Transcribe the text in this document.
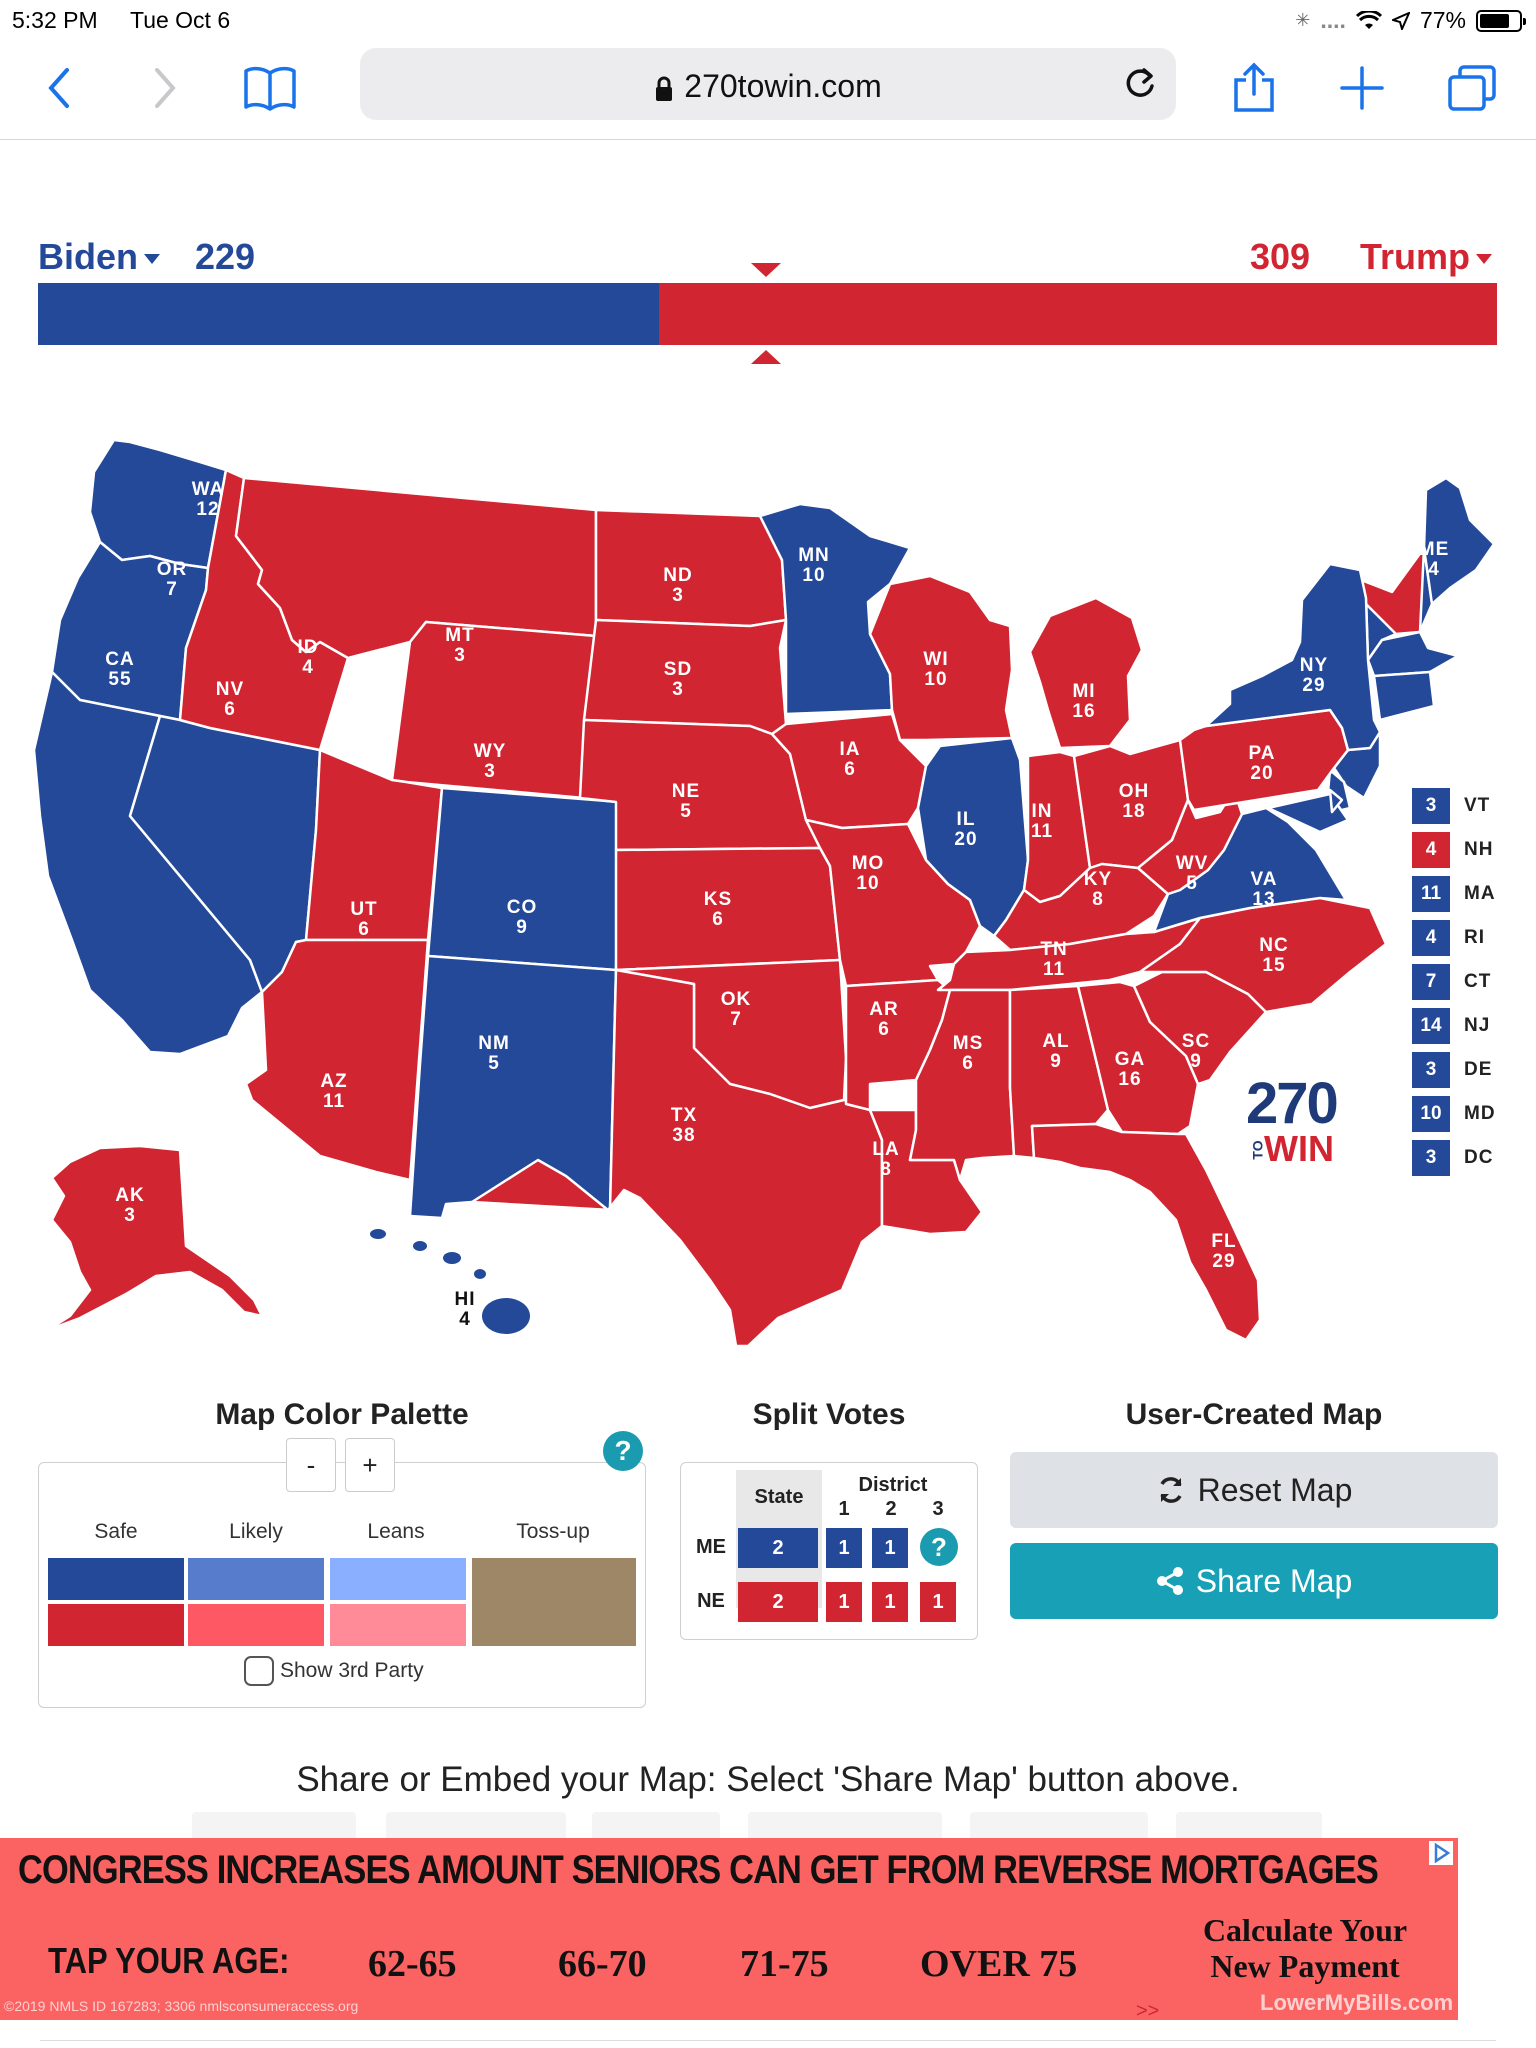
5:32 PM Tue Oct 6	✳ ....	77%
270towin.com
Biden	229	309 Trump
WA
12
OR
7
CA
55	NV
6
ID
4
MT
3
WY
3
UT
6
AZ
11
CO
9
NM
5
ND
3
SD
3
NE
5
KS
6
OK
7
TX
38
MN
10
IA
6
MO
10
AR
6
LA
8
WI
10
IL
20
MI
16
IN
11
OH
18
KY
8
TN
11
MS
6
AL
9	GA
16
FL
29
SC
9
NC
15
VA
13
WV
5
PA
20
NY
29
ME
4
AK
3
HI
4
3	VT
4	NH
11	MA
4	RI
7	CT
14	NJ
3	DE
10	MD
3	DC
270
TO
WIN
Map Color Palette
-	+	?
Safe	Likely	Leans	Toss-up
Show 3rd Party
Split Votes
State
District
1	2	3
ME	2	1	1	?
NE	2	1	1	1
User-Created Map
Reset Map
Share Map
Share or Embed your Map: Select 'Share Map' button above.
CONGRESS INCREASES AMOUNT SENIORS CAN GET FROM REVERSE MORTGAGES
TAP YOUR AGE: 62-65	66-70 71-75 OVER 75
Calculate Your
New Payment
©2019 NMLS ID 167283; 3306 nmlsconsumeraccess.org	LowerMyBills.com
>>
